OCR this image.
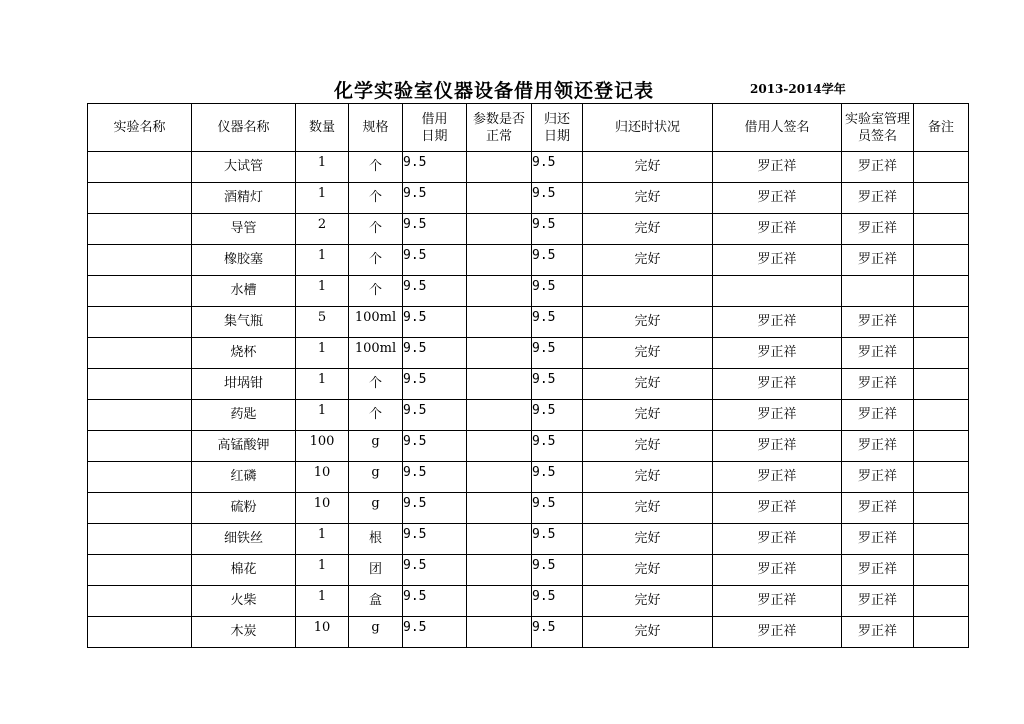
化学实验室仪器设备借用领还登记表	2013-2014学年
实验名称	仪器名称	数量	规格	借用日期	参数是否正常	归还日期	归还时状况	借用人签名	实验室管理员签名	备注
	大试管	1	个	9.5		9.5	完好	罗正祥	罗正祥	
	酒精灯	1	个	9.5		9.5	完好	罗正祥	罗正祥	
	导管	2	个	9.5		9.5	完好	罗正祥	罗正祥	
	橡胶塞	1	个	9.5		9.5	完好	罗正祥	罗正祥	
	水槽	1	个	9.5		9.5				
	集气瓶	5	100ml	9.5		9.5	完好	罗正祥	罗正祥	
	烧杯	1	100ml	9.5		9.5	完好	罗正祥	罗正祥	
	坩埚钳	1	个	9.5		9.5	完好	罗正祥	罗正祥	
	药匙	1	个	9.5		9.5	完好	罗正祥	罗正祥	
	高锰酸钾	100	g	9.5		9.5	完好	罗正祥	罗正祥	
	红磷	10	g	9.5		9.5	完好	罗正祥	罗正祥	
	硫粉	10	g	9.5		9.5	完好	罗正祥	罗正祥	
	细铁丝	1	根	9.5		9.5	完好	罗正祥	罗正祥	
	棉花	1	团	9.5		9.5	完好	罗正祥	罗正祥	
	火柴	1	盒	9.5		9.5	完好	罗正祥	罗正祥	
	木炭	10	g	9.5		9.5	完好	罗正祥	罗正祥	
